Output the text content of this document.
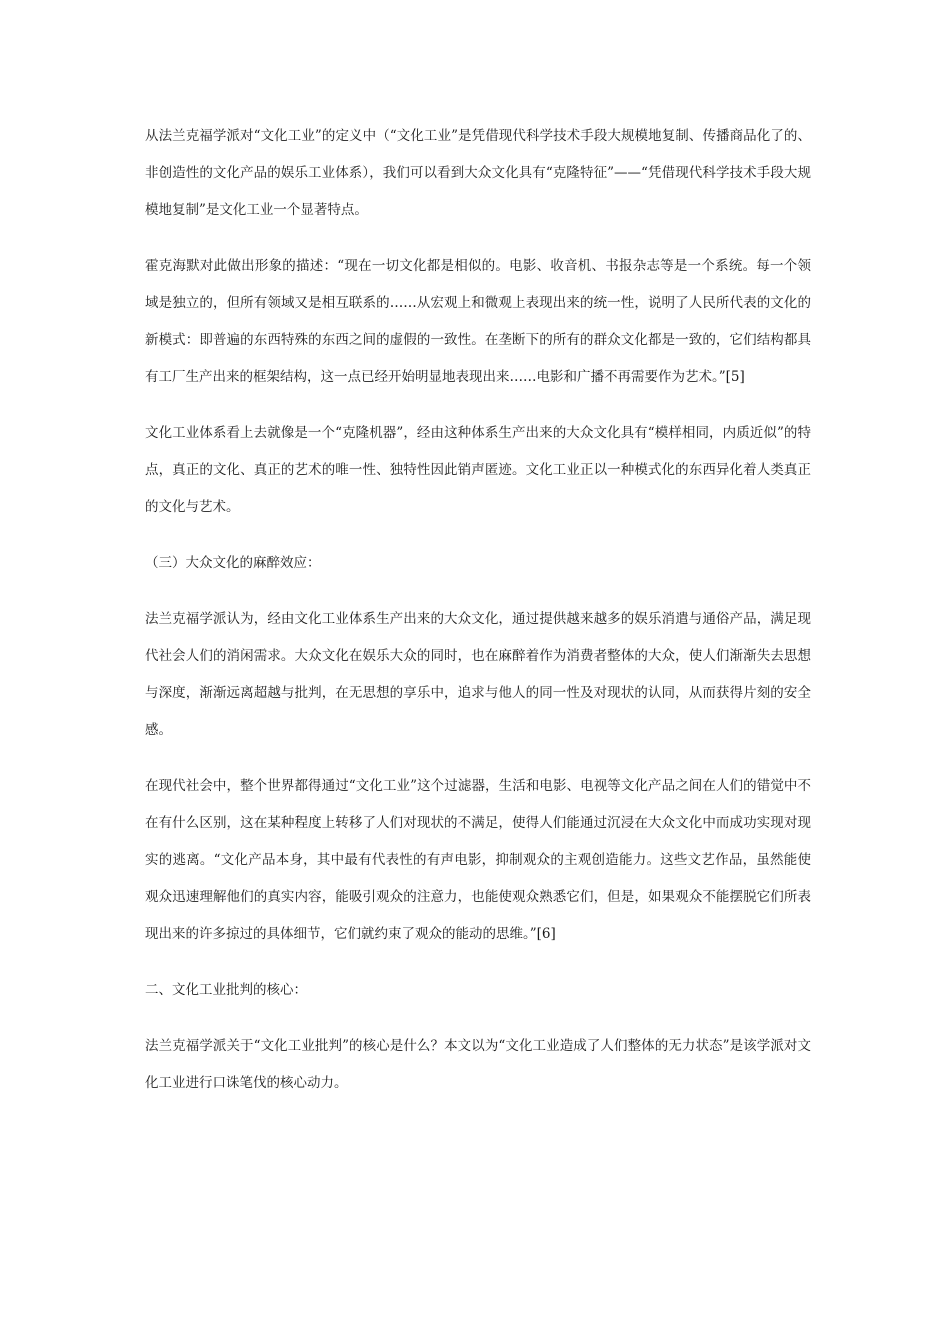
从法兰克福学派对“文化工业”的定义中（“文化工业”是凭借现代科学技术手段大规模地复制、传播商品化了的、非创造性的文化产品的娱乐工业体系），我们可以看到大众文化具有“克隆特征”——“凭借现代科学技术手段大规模地复制”是文化工业一个显著特点。

霍克海默对此做出形象的描述：“现在一切文化都是相似的。电影、收音机、书报杂志等是一个系统。每一个领域是独立的，但所有领域又是相互联系的……从宏观上和微观上表现出来的统一性，说明了人民所代表的文化的新模式：即普遍的东西特殊的东西之间的虚假的一致性。在垄断下的所有的群众文化都是一致的，它们结构都具有工厂生产出来的框架结构，这一点已经开始明显地表现出来……电影和广播不再需要作为艺术。”[5]

文化工业体系看上去就像是一个“克隆机器”，经由这种体系生产出来的大众文化具有“模样相同，内质近似”的特点，真正的文化、真正的艺术的唯一性、独特性因此销声匿迹。文化工业正以一种模式化的东西异化着人类真正的文化与艺术。

（三）大众文化的麻醉效应：

法兰克福学派认为，经由文化工业体系生产出来的大众文化，通过提供越来越多的娱乐消遣与通俗产品，满足现代社会人们的消闲需求。大众文化在娱乐大众的同时，也在麻醉着作为消费者整体的大众，使人们渐渐失去思想与深度，渐渐远离超越与批判，在无思想的享乐中，追求与他人的同一性及对现状的认同，从而获得片刻的安全感。

在现代社会中，整个世界都得通过“文化工业”这个过滤器，生活和电影、电视等文化产品之间在人们的错觉中不在有什么区别，这在某种程度上转移了人们对现状的不满足，使得人们能通过沉浸在大众文化中而成功实现对现实的逃离。“文化产品本身，其中最有代表性的有声电影，抑制观众的主观创造能力。这些文艺作品，虽然能使观众迅速理解他们的真实内容，能吸引观众的注意力，也能使观众熟悉它们，但是，如果观众不能摆脱它们所表现出来的许多掠过的具体细节，它们就约束了观众的能动的思维。”[6]

二、文化工业批判的核心：

法兰克福学派关于“文化工业批判”的核心是什么？本文以为“文化工业造成了人们整体的无力状态”是该学派对文化工业进行口诛笔伐的核心动力。
